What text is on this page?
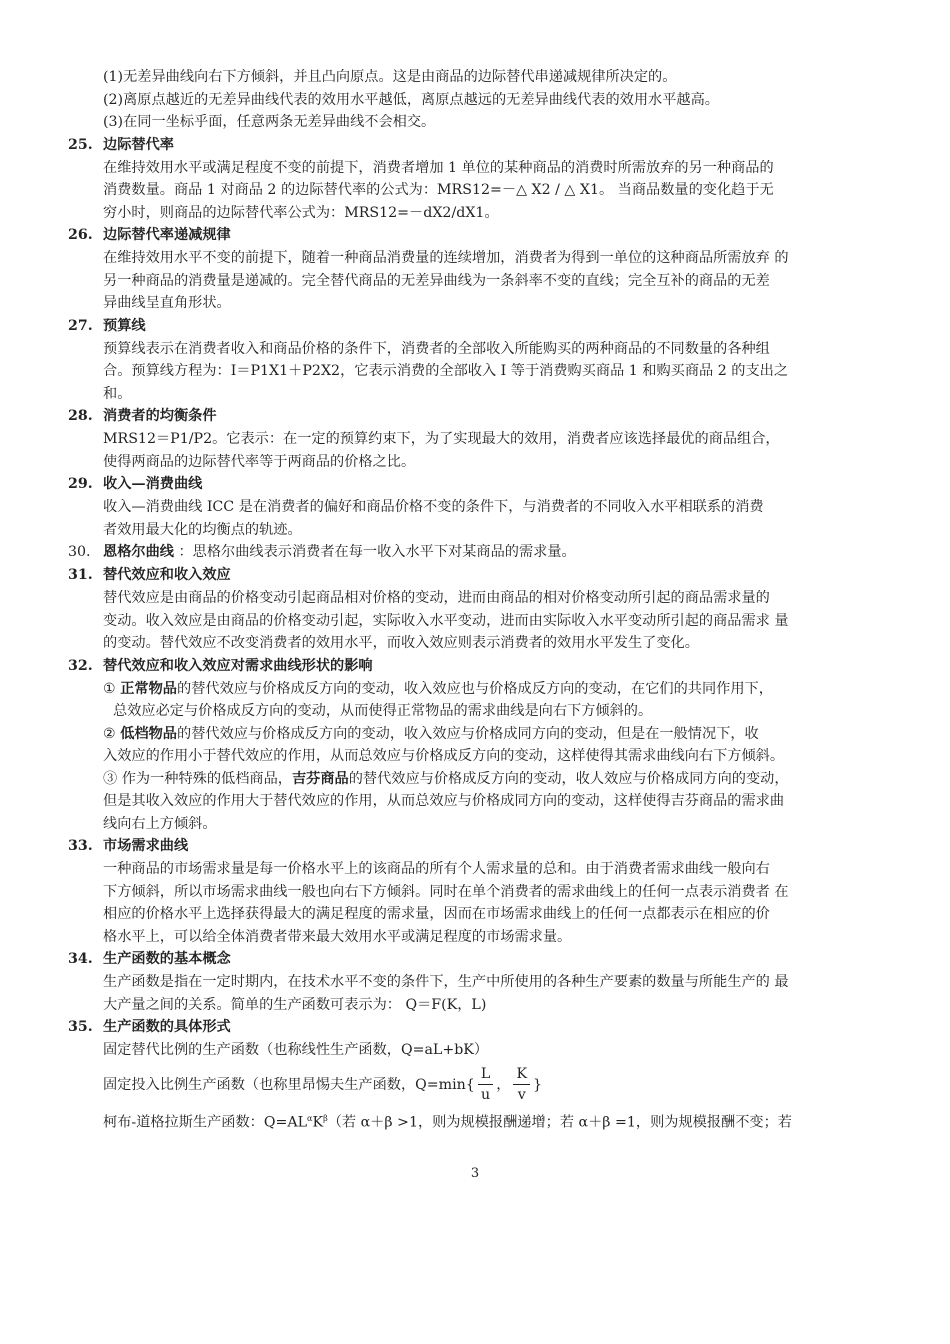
(1)无差异曲线向右下方倾斜，并且凸向原点。这是由商品的边际替代串递减规律所决定的。
(2)离原点越近的无差异曲线代表的效用水平越低，离原点越远的无差异曲线代表的效用水平越高。
(3)在同一坐标乎面，任意两条无差异曲线不会相交。
25. 边际替代率
在维持效用水平或满足程度不变的前提下，消费者增加 1 单位的某种商品的消费时所需放弃的另一种商品的
消费数量。商品 1 对商品 2 的边际替代率的公式为：MRS12=－△ X2 / △ X1。 当商品数量的变化趋于无
穷小时，则商品的边际替代率公式为：MRS12=－dX2/dX1。
26. 边际替代率递减规律
在维持效用水平不变的前提下，随着一种商品消费量的连续增加，消费者为得到一单位的这种商品所需放弃 的
另一种商品的消费量是递减的。完全替代商品的无差异曲线为一条斜率不变的直线；完全互补的商品的无差
异曲线呈直角形状。
27. 预算线
预算线表示在消费者收入和商品价格的条件下，消费者的全部收入所能购买的两种商品的不同数量的各种组
合。预算线方程为：I＝P1X1＋P2X2，它表示消费的全部收入 I 等于消费购买商品 1 和购买商品 2 的支出之
和。
28. 消费者的均衡条件
MRS12＝P1/P2。它表示：在一定的预算约束下，为了实现最大的效用，消费者应该选择最优的商品组合，
使得两商品的边际替代率等于两商品的价格之比。
29. 收入—消费曲线
收入—消费曲线 ICC 是在消费者的偏好和商品价格不变的条件下，与消费者的不同收入水平相联系的消费
者效用最大化的均衡点的轨迹。
30. 恩格尔曲线 ：思格尔曲线表示消费者在每一收入水平下对某商品的需求量。
31. 替代效应和收入效应
替代效应是由商品的价格变动引起商品相对价格的变动，进而由商品的相对价格变动所引起的商品需求量的
变动。收入效应是由商品的价格变动引起，实际收入水平变动，进而由实际收入水平变动所引起的商品需求 量
的变动。替代效应不改变消费者的效用水平，而收入效应则表示消费者的效用水平发生了变化。
32. 替代效应和收入效应对需求曲线形状的影响
① 正常物品的替代效应与价格成反方向的变动，收入效应也与价格成反方向的变动，在它们的共同作用下，
总效应必定与价格成反方向的变动，从而使得正常物品的需求曲线是向右下方倾斜的。
② 低档物品的替代效应与价格成反方向的变动，收入效应与价格成同方向的变动，但是在一般情况下，收
入效应的作用小于替代效应的作用，从而总效应与价格成反方向的变动，这样使得其需求曲线向右下方倾斜。
③ 作为一种特殊的低档商品，吉芬商品的替代效应与价格成反方向的变动，收人效应与价格成同方向的变动，
但是其收入效应的作用大于替代效应的作用，从而总效应与价格成同方向的变动，这样使得吉芬商品的需求曲
线向右上方倾斜。
33. 市场需求曲线
一种商品的市场需求量是每一价格水平上的该商品的所有个人需求量的总和。由于消费者需求曲线一般向右
下方倾斜，所以市场需求曲线一般也向右下方倾斜。同时在单个消费者的需求曲线上的任何一点表示消费者 在
相应的价格水平上选择获得最大的满足程度的需求量，因而在市场需求曲线上的任何一点都表示在相应的价
格水平上，可以给全体消费者带来最大效用水平或满足程度的市场需求量。
34. 生产函数的基本概念
生产函数是指在一定时期内，在技术水平不变的条件下，生产中所使用的各种生产要素的数量与所能生产的 最
大产量之间的关系。简单的生产函数可表示为： Q＝F(K，L)
35. 生产函数的具体形式
固定替代比例的生产函数（也称线性生产函数，Q=aL+bK）
固定投入比例生产函数（也称里昂惕夫生产函数，$Q=\min\{ \frac{L}{u}$ ， $\frac{K}{v}$ }
柯布-道格拉斯生产函数：$Q=AL^\alpha K^\beta$（若 α＋β >1，则为规模报酬递增；若 α＋β =1，则为规模报酬不变；若
3
